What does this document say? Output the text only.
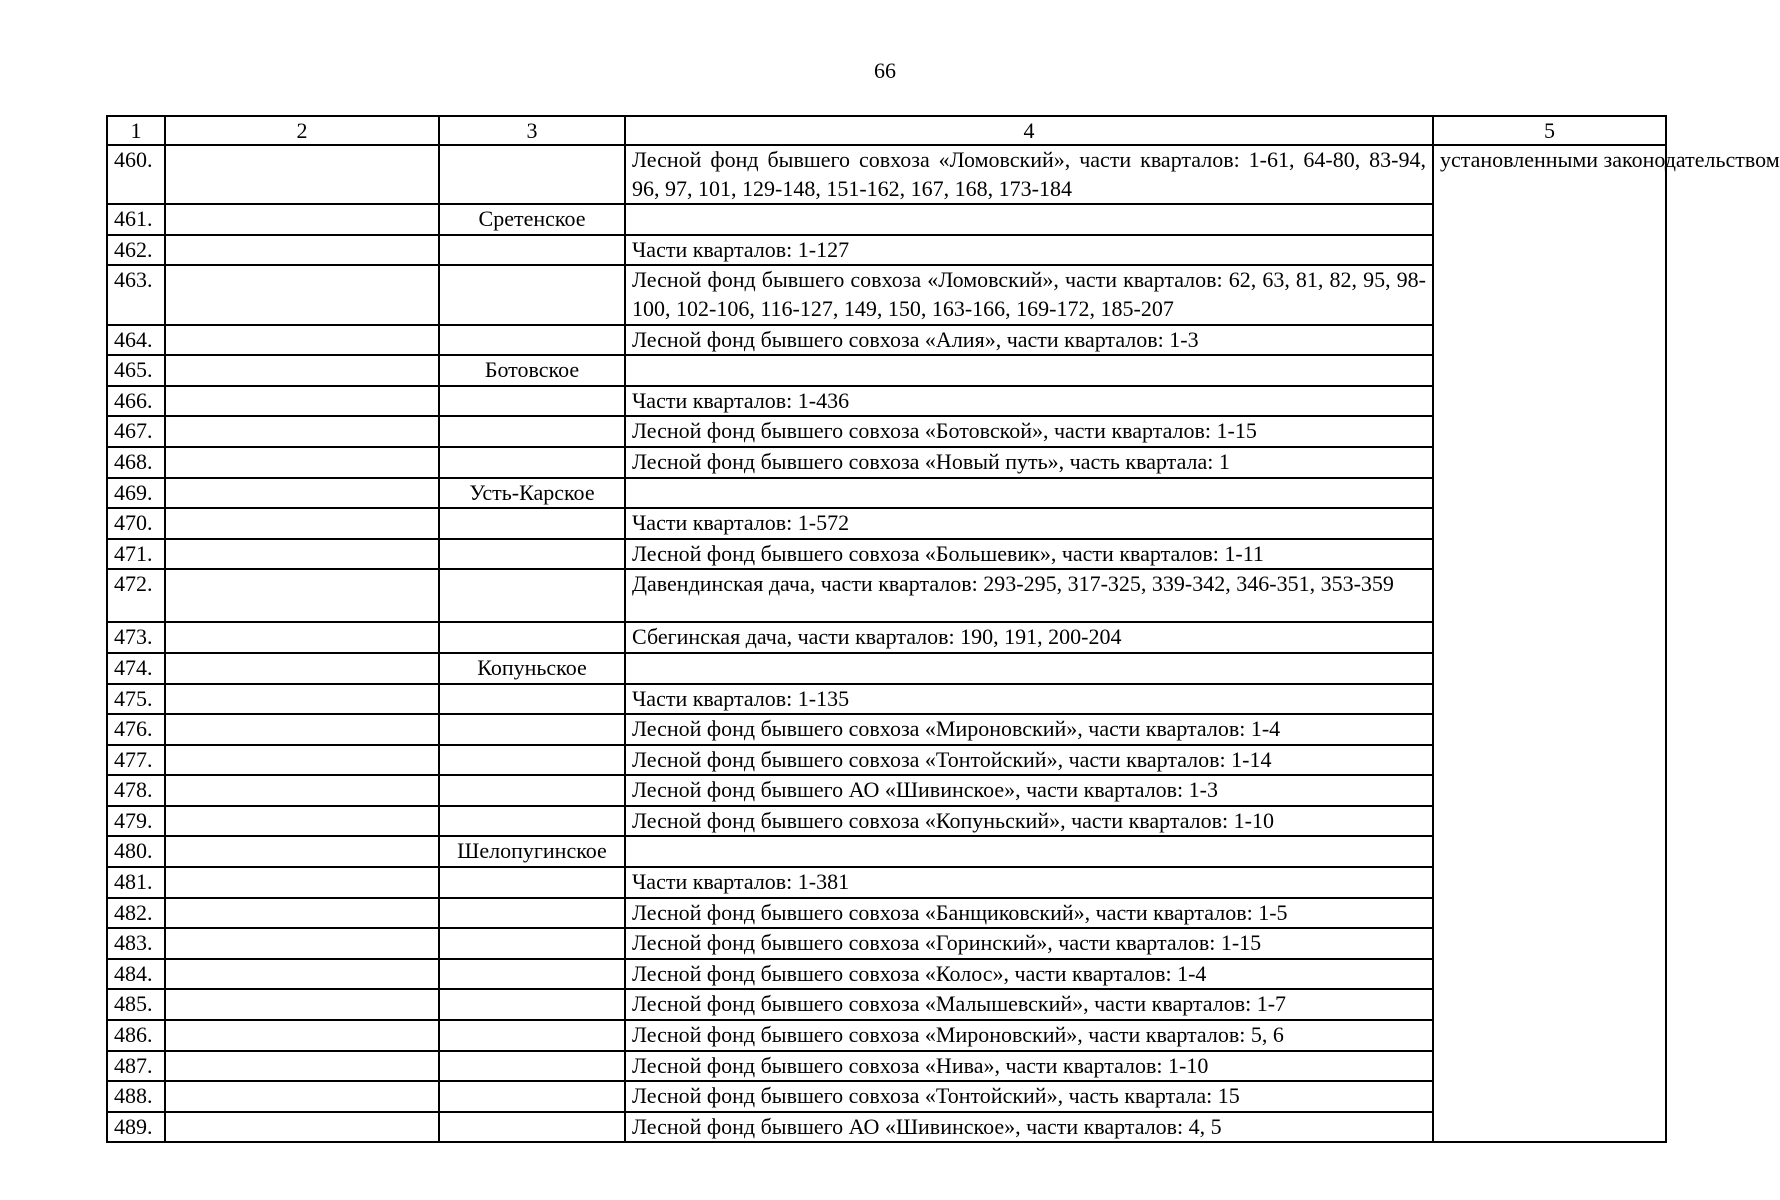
66
1	2	3	4	5
460.			Лесной фонд бывшего совхоза «Ломовский», части кварталов: 1-61, 64-80, 83-94, 96, 97, 101, 129-148, 151-162, 167, 168, 173-184	установленными законодательством
461.		Сретенское		
462.			Части кварталов: 1-127	
463.			Лесной фонд бывшего совхоза «Ломовский», части кварталов: 62, 63, 81, 82, 95, 98-100, 102-106, 116-127, 149, 150, 163-166, 169-172, 185-207	
464.			Лесной фонд бывшего совхоза «Алия», части кварталов: 1-3	
465.		Ботовское		
466.			Части кварталов: 1-436	
467.			Лесной фонд бывшего совхоза «Ботовской», части кварталов: 1-15	
468.			Лесной фонд бывшего совхоза «Новый путь», часть квартала: 1	
469.		Усть-Карское		
470.			Части кварталов: 1-572	
471.			Лесной фонд бывшего совхоза «Большевик», части кварталов: 1-11	
472.			Давендинская дача, части кварталов: 293-295, 317-325, 339-342, 346-351, 353-359	
473.			Сбегинская дача, части кварталов: 190, 191, 200-204	
474.		Копуньское		
475.			Части кварталов: 1-135	
476.			Лесной фонд бывшего совхоза «Мироновский», части кварталов: 1-4	
477.			Лесной фонд бывшего совхоза «Тонтойский», части кварталов: 1-14	
478.			Лесной фонд бывшего АО «Шивинское», части кварталов: 1-3	
479.			Лесной фонд бывшего совхоза «Копуньский», части кварталов: 1-10	
480.		Шелопугинское		
481.			Части кварталов: 1-381	
482.			Лесной фонд бывшего совхоза «Банщиковский», части кварталов: 1-5	
483.			Лесной фонд бывшего совхоза «Горинский», части кварталов: 1-15	
484.			Лесной фонд бывшего совхоза «Колос», части кварталов: 1-4	
485.			Лесной фонд бывшего совхоза «Малышевский», части кварталов: 1-7	
486.			Лесной фонд бывшего совхоза «Мироновский», части кварталов: 5, 6	
487.			Лесной фонд бывшего совхоза «Нива», части кварталов: 1-10	
488.			Лесной фонд бывшего совхоза «Тонтойский», часть квартала: 15	
489.			Лесной фонд бывшего АО «Шивинское», части кварталов: 4, 5	
